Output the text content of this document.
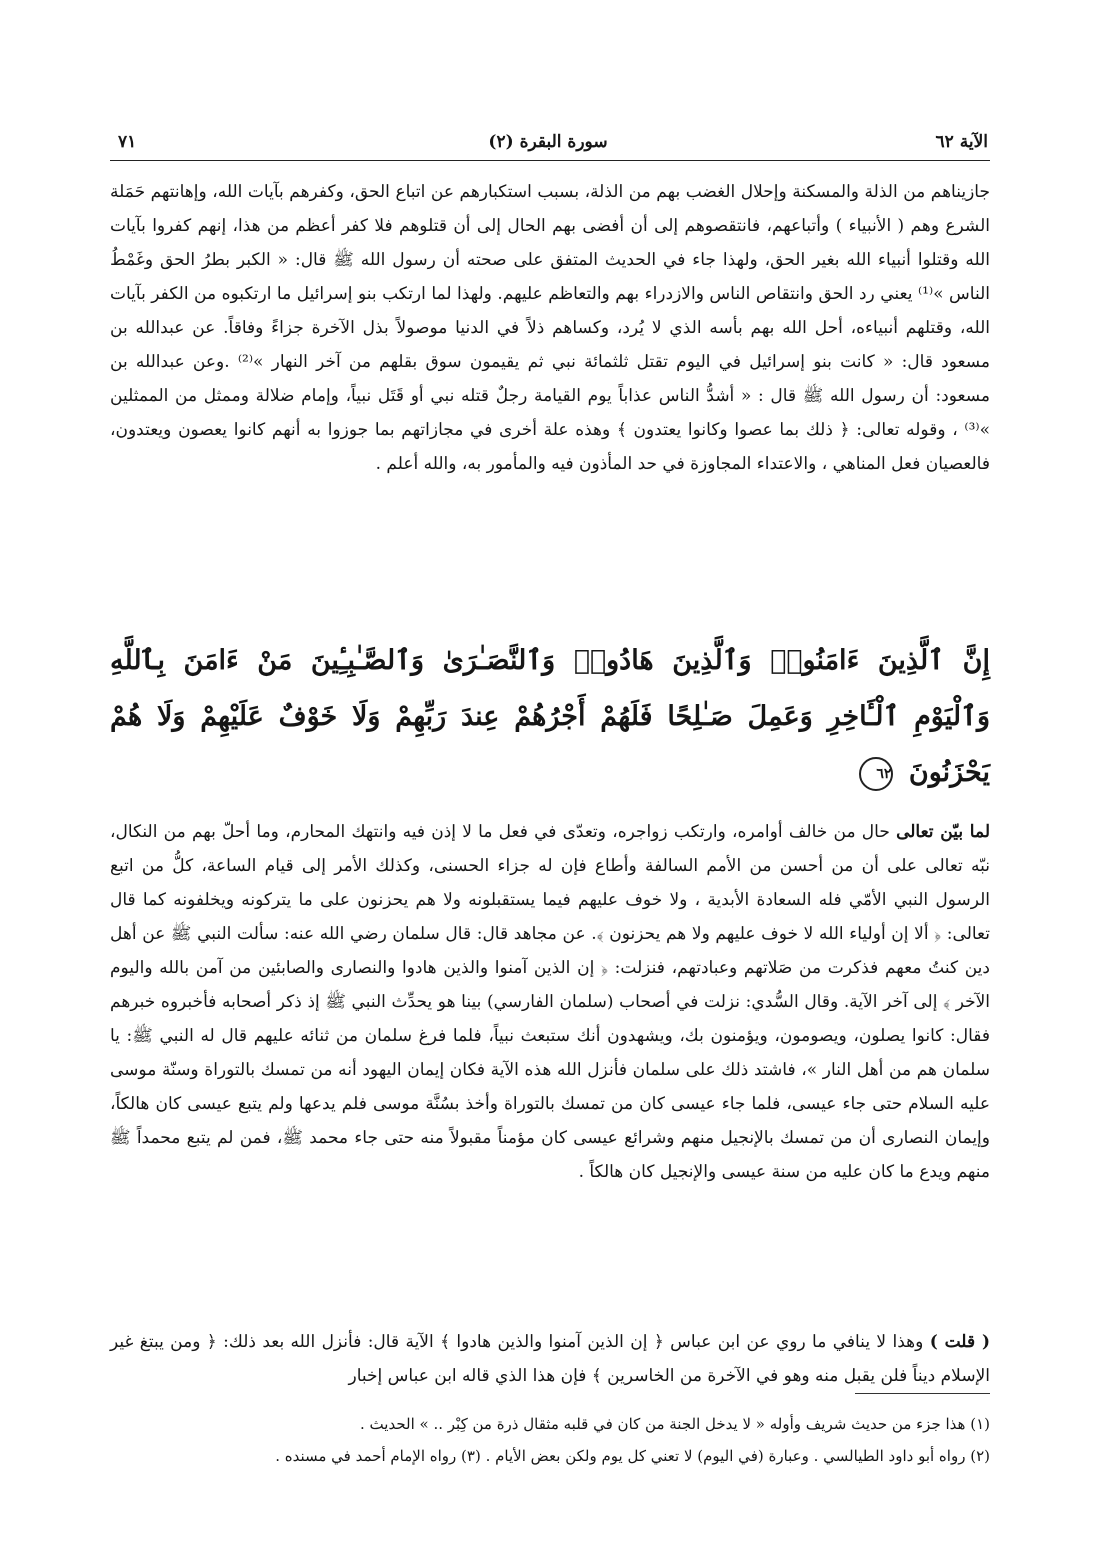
٧١	(٢) سورة البقرة	الآية ٦٢

جازيناهم من الذلة والمسكنة وإحلال الغضب بهم من الذلة، بسبب استكبارهم عن اتباع الحق، وكفرهم بآيات الله، وإهانتهم حَمَلة الشرع وهم ( الأنبياء ) وأتباعهم، فانتقصوهم إلى أن أفضى بهم الحال إلى أن قتلوهم فلا كفر أعظم من هذا، إنهم كفروا بآيات الله وقتلوا أنبياء الله بغير الحق، ولهذا جاء في الحديث المتفق على صحته أن رسول الله ﷺ قال: « الكبر بطرُ الحق وغَمْطُ الناس »⁽¹⁾ يعني رد الحق وانتقاص الناس والازدراء بهم والتعاظم عليهم. ولهذا لما ارتكب بنو إسرائيل ما ارتكبوه من الكفر بآيات الله، وقتلهم أنبياءه، أحل الله بهم بأسه الذي لا يُرد، وكساهم ذلاً في الدنيا موصولاً بذل الآخرة جزاءً وفاقاً. عن عبدالله بن مسعود قال: « كانت بنو إسرائيل في اليوم تقتل ثلثمائة نبي ثم يقيمون سوق بقلهم من آخر النهار »⁽²⁾ .وعن عبدالله بن مسعود: أن رسول الله ﷺ قال : « أشدُّ الناس عذاباً يوم القيامة رجلٌ قتله نبي أو قَتَل نبياً، وإمام ضلالة وممثل من الممثلين »⁽³⁾ ، وقوله تعالى: ﴿ ذلك بما عصوا وكانوا يعتدون ﴾ وهذه علة أخرى في مجازاتهم بما جوزوا به أنهم كانوا يعصون ويعتدون، فالعصيان فعل المناهي ، والاعتداء المجاوزة في حد المأذون فيه والمأمور به، والله أعلم .

إِنَّ ٱلَّذِينَ ءَامَنُوا۟ وَٱلَّذِينَ هَادُوا۟ وَٱلنَّصَـٰرَىٰ وَٱلصَّـٰبِـِٔينَ مَنْ ءَامَنَ بِٱللَّهِ وَٱلْيَوْمِ ٱلْـَٔاخِرِ وَعَمِلَ صَـٰلِحًا فَلَهُمْ أَجْرُهُمْ عِندَ رَبِّهِمْ وَلَا خَوْفٌ عَلَيْهِمْ وَلَا هُمْ يَحْزَنُونَ ٦٢

لما بيّن تعالى حال من خالف أوامره، وارتكب زواجره، وتعدّى في فعل ما لا إذن فيه وانتهك المحارم، وما أحلّ بهم من النكال، نبّه تعالى على أن من أحسن من الأمم السالفة وأطاع فإن له جزاء الحسنى، وكذلك الأمر إلى قيام الساعة، كلُّ من اتبع الرسول النبي الأمّي فله السعادة الأبدية ، ولا خوف عليهم فيما يستقبلونه ولا هم يحزنون على ما يتركونه ويخلفونه كما قال تعالى: ﴿ ألا إن أولياء الله لا خوف عليهم ولا هم يحزنون ﴾. عن مجاهد قال: قال سلمان رضي الله عنه: سألت النبي ﷺ عن أهل دين كنتُ معهم فذكرت من صَلاتهم وعبادتهم، فنزلت: ﴿ إن الذين آمنوا والذين هادوا والنصارى والصابئين من آمن بالله واليوم الآخر ﴾ إلى آخر الآية. وقال السُّدي: نزلت في أصحاب (سلمان الفارسي) بينا هو يحدِّث النبي ﷺ إذ ذكر أصحابه فأخبروه خبرهم فقال: كانوا يصلون، ويصومون، ويؤمنون بك، ويشهدون أنك ستبعث نبياً، فلما فرغ سلمان من ثنائه عليهم قال له النبي ﷺ: يا سلمان هم من أهل النار »، فاشتد ذلك على سلمان فأنزل الله هذه الآية فكان إيمان اليهود أنه من تمسك بالتوراة وسنّة موسى عليه السلام حتى جاء عيسى، فلما جاء عيسى كان من تمسك بالتوراة وأخذ بسُنَّة موسى فلم يدعها ولم يتبع عيسى كان هالكاً، وإيمان النصارى أن من تمسك بالإنجيل منهم وشرائع عيسى كان مؤمناً مقبولاً منه حتى جاء محمد ﷺ، فمن لم يتبع محمداً ﷺ منهم ويدع ما كان عليه من سنة عيسى والإنجيل كان هالكاً .

( قلت ) وهذا لا ينافي ما روي عن ابن عباس ﴿ إن الذين آمنوا والذين هادوا ﴾ الآية قال: فأنزل الله بعد ذلك: ﴿ ومن يبتغ غير الإسلام ديناً فلن يقبل منه وهو في الآخرة من الخاسرين ﴾ فإن هذا الذي قاله ابن عباس إخبار

(١) هذا جزء من حديث شريف وأوله « لا يدخل الجنة من كان في قلبه مثقال ذرة من كِبْر .. » الحديث .
(٢) رواه أبو داود الطيالسي . وعبارة (في اليوم) لا تعني كل يوم ولكن بعض الأيام . (٣) رواه الإمام أحمد في مسنده .
